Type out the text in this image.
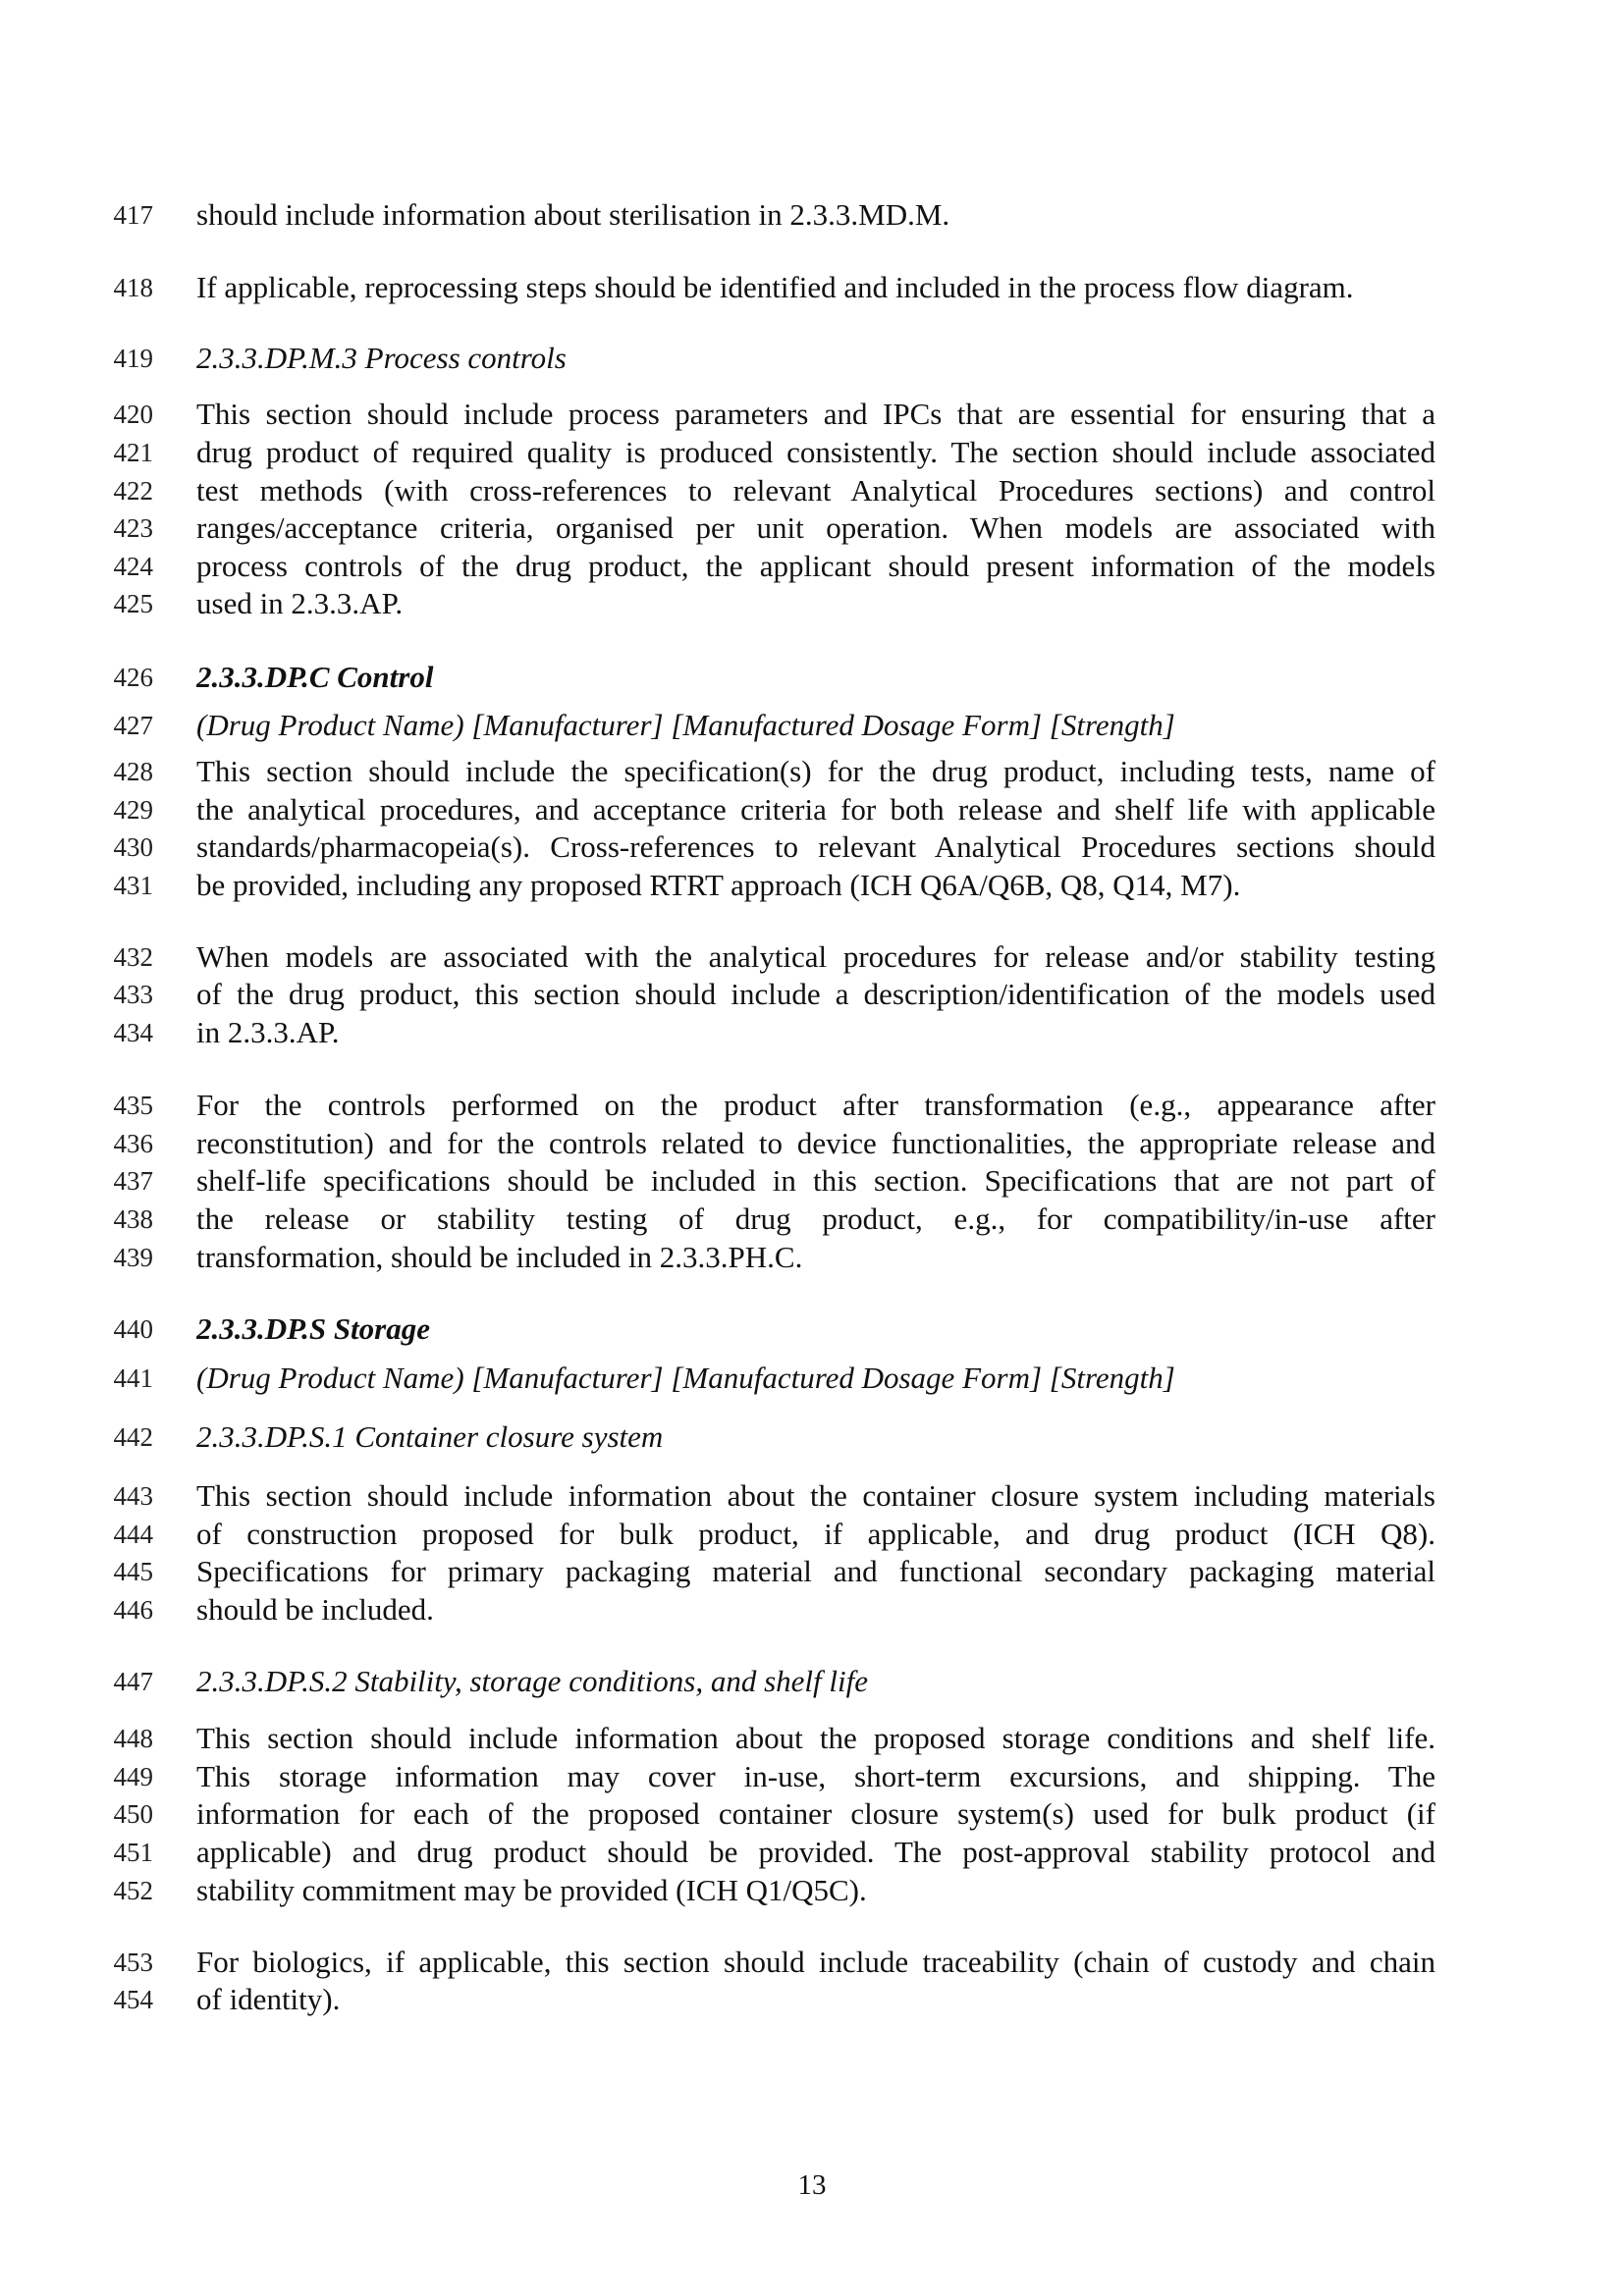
417 should include information about sterilisation in 2.3.3.MD.M.
418 If applicable, reprocessing steps should be identified and included in the process flow diagram.
419 2.3.3.DP.M.3 Process controls
420 This section should include process parameters and IPCs that are essential for ensuring that a
421 drug product of required quality is produced consistently. The section should include associated
422 test methods (with cross-references to relevant Analytical Procedures sections) and control
423 ranges/acceptance criteria, organised per unit operation. When models are associated with
424 process controls of the drug product, the applicant should present information of the models
425 used in 2.3.3.AP.
426 2.3.3.DP.C Control
427 (Drug Product Name) [Manufacturer] [Manufactured Dosage Form] [Strength]
428 This section should include the specification(s) for the drug product, including tests, name of
429 the analytical procedures, and acceptance criteria for both release and shelf life with applicable
430 standards/pharmacopeia(s). Cross-references to relevant Analytical Procedures sections should
431 be provided, including any proposed RTRT approach (ICH Q6A/Q6B, Q8, Q14, M7).
432 When models are associated with the analytical procedures for release and/or stability testing
433 of the drug product, this section should include a description/identification of the models used
434 in 2.3.3.AP.
435 For the controls performed on the product after transformation (e.g., appearance after
436 reconstitution) and for the controls related to device functionalities, the appropriate release and
437 shelf-life specifications should be included in this section. Specifications that are not part of
438 the release or stability testing of drug product, e.g., for compatibility/in-use after
439 transformation, should be included in 2.3.3.PH.C.
440 2.3.3.DP.S Storage
441 (Drug Product Name) [Manufacturer] [Manufactured Dosage Form] [Strength]
442 2.3.3.DP.S.1 Container closure system
443 This section should include information about the container closure system including materials
444 of construction proposed for bulk product, if applicable, and drug product (ICH Q8).
445 Specifications for primary packaging material and functional secondary packaging material
446 should be included.
447 2.3.3.DP.S.2 Stability, storage conditions, and shelf life
448 This section should include information about the proposed storage conditions and shelf life.
449 This storage information may cover in-use, short-term excursions, and shipping. The
450 information for each of the proposed container closure system(s) used for bulk product (if
451 applicable) and drug product should be provided. The post-approval stability protocol and
452 stability commitment may be provided (ICH Q1/Q5C).
453 For biologics, if applicable, this section should include traceability (chain of custody and chain
454 of identity).
13
